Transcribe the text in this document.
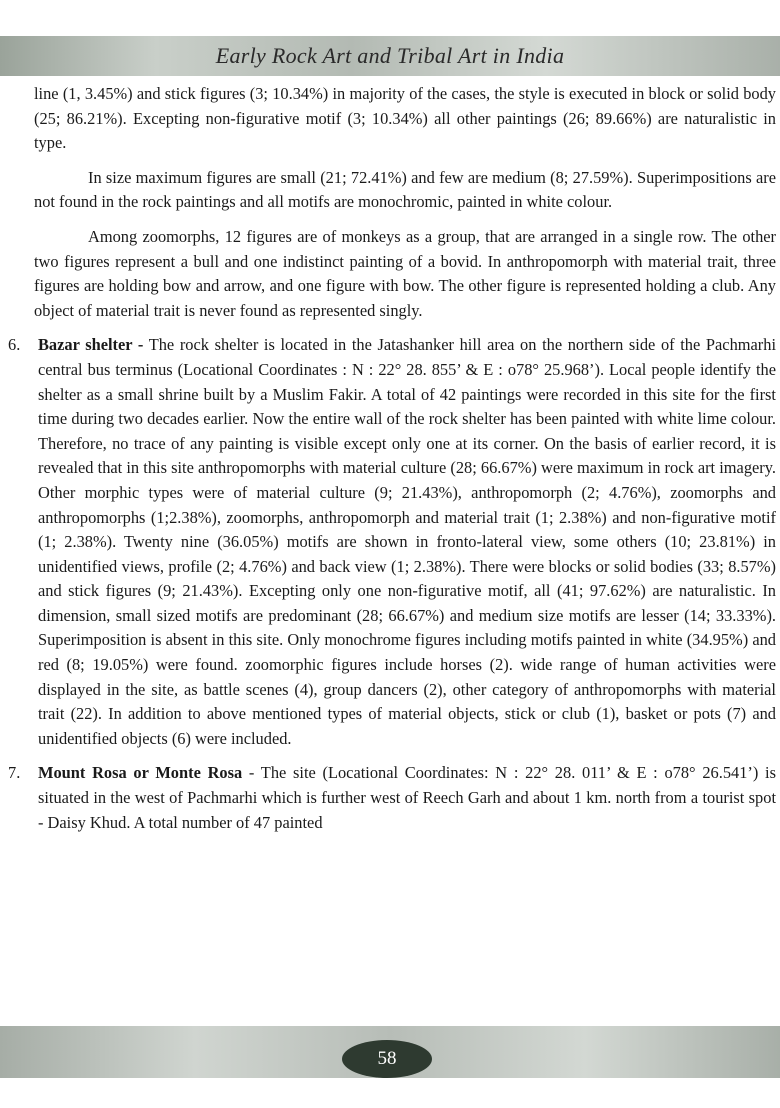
Early Rock Art and Tribal Art in India

line (1, 3.45%) and stick figures (3; 10.34%) in majority of the cases, the style is executed in block or solid body (25; 86.21%). Excepting non-figurative motif (3; 10.34%) all other paintings (26; 89.66%) are naturalistic in type.

In size maximum figures are small (21; 72.41%) and few are medium (8; 27.59%). Superimpositions are not found in the rock paintings and all motifs are monochromic, painted in white colour.

Among zoomorphs, 12 figures are of monkeys as a group, that are arranged in a single row. The other two figures represent a bull and one indistinct painting of a bovid. In anthropomorph with material trait, three figures are holding bow and arrow, and one figure with bow. The other figure is represented holding a club. Any object of material trait is never found as represented singly.

6.	Bazar shelter - The rock shelter is located in the Jatashanker hill area on the northern side of the Pachmarhi central bus terminus (Locational Coordinates : N : 22° 28. 855’ & E : o78° 25.968’). Local people identify the shelter as a small shrine built by a Muslim Fakir. A total of 42 paintings were recorded in this site for the first time during two decades earlier. Now the entire wall of the rock shelter has been painted with white lime colour. Therefore, no trace of any painting is visible except only one at its corner. On the basis of earlier record, it is revealed that in this site anthropomorphs with material culture (28; 66.67%) were maximum in rock art imagery. Other morphic types were of material culture (9; 21.43%), anthropomorph (2; 4.76%), zoomorphs and anthropomorphs (1;2.38%), zoomorphs, anthropomorph and material trait (1; 2.38%) and non-figurative motif (1; 2.38%). Twenty nine (36.05%) motifs are shown in fronto-lateral view, some others (10; 23.81%) in unidentified views, profile (2; 4.76%) and back view (1; 2.38%). There were blocks or solid bodies (33; 8.57%) and stick figures (9; 21.43%). Excepting only one non-figurative motif, all (41; 97.62%) are naturalistic. In dimension, small sized motifs are predominant (28; 66.67%) and medium size motifs are lesser (14; 33.33%). Superimposition is absent in this site. Only monochrome figures including motifs painted in white (34.95%) and red (8; 19.05%) were found. zoomorphic figures include horses (2). wide range of human activities were displayed in the site, as battle scenes (4), group dancers (2), other category of anthropomorphs with material trait (22). In addition to above mentioned types of material objects, stick or club (1), basket or pots (7) and unidentified objects (6) were included.

7.	Mount Rosa or Monte Rosa - The site (Locational Coordinates: N : 22° 28. 011’ & E : o78° 26.541’) is situated in the west of Pachmarhi which is further west of Reech Garh and about 1 km. north from a tourist spot - Daisy Khud. A total number of 47 painted

58
